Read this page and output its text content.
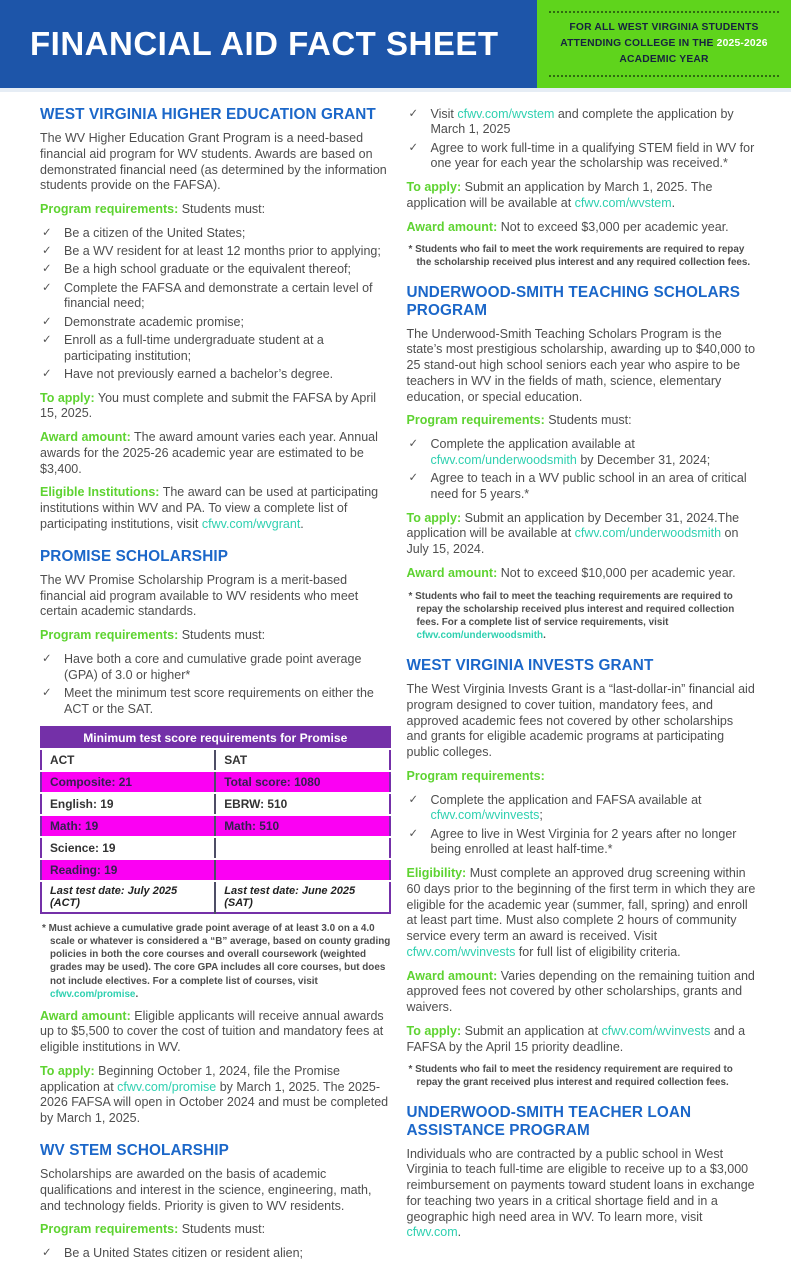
FINANCIAL AID FACT SHEET	FOR ALL WEST VIRGINIA STUDENTS ATTENDING COLLEGE IN THE 2025-2026 ACADEMIC YEAR
WEST VIRGINIA HIGHER EDUCATION GRANT

The WV Higher Education Grant Program is a need-based financial aid program for WV students. Awards are based on demonstrated financial need (as determined by the information students provide on the FAFSA).

Program requirements: Students must:

✓ Be a citizen of the United States;
✓ Be a WV resident for at least 12 months prior to applying;
✓ Be a high school graduate or the equivalent thereof;
✓ Complete the FAFSA and demonstrate a certain level of financial need;
✓ Demonstrate academic promise;
✓ Enroll as a full-time undergraduate student at a participating institution;
✓ Have not previously earned a bachelor’s degree.

To apply: You must complete and submit the FAFSA by April 15, 2025.

Award amount: The award amount varies each year. Annual awards for the 2025-26 academic year are estimated to be $3,400.

Eligible Institutions: The award can be used at participating institutions within WV and PA. To view a complete list of participating institutions, visit cfwv.com/wvgrant.

PROMISE SCHOLARSHIP

The WV Promise Scholarship Program is a merit-based financial aid program available to WV residents who meet certain academic standards.

Program requirements: Students must:

✓ Have both a core and cumulative grade point average (GPA) of 3.0 or higher*
✓ Meet the minimum test score requirements on either the ACT or the SAT.
Minimum test score requirements for Promise	
ACT	SAT
Composite: 21	Total score: 1080
English: 19	EBRW: 510
Math: 19	Math: 510
Science: 19	
Reading: 19	
Last test date: July 2025 (ACT)	Last test date: June 2025 (SAT)

* Must achieve a cumulative grade point average of at least 3.0 on a 4.0 scale or whatever is considered a “B” average, based on county grading policies in both the core courses and overall coursework (weighted grades may be used). The core GPA includes all core courses, but does not include electives. For a complete list of courses, visit cfwv.com/promise.

Award amount: Eligible applicants will receive annual awards up to $5,500 to cover the cost of tuition and mandatory fees at eligible institutions in WV.

To apply: Beginning October 1, 2024, file the Promise application at cfwv.com/promise by March 1, 2025. The 2025-2026 FAFSA will open in October 2024 and must be completed by March 1, 2025.

WV STEM SCHOLARSHIP

Scholarships are awarded on the basis of academic qualifications and interest in the science, engineering, math, and technology fields. Priority is given to WV residents.

Program requirements: Students must:

✓ Be a United States citizen or resident alien;
✓ Visit cfwv.com/wvstem and complete the application by March 1, 2025
✓ Agree to work full-time in a qualifying STEM field in WV for one year for each year the scholarship was received.*

To apply: Submit an application by March 1, 2025. The application will be available at cfwv.com/wvstem.

Award amount: Not to exceed $3,000 per academic year.

* Students who fail to meet the work requirements are required to repay the scholarship received plus interest and any required collection fees.

UNDERWOOD-SMITH TEACHING SCHOLARS PROGRAM

The Underwood-Smith Teaching Scholars Program is the state’s most prestigious scholarship, awarding up to $40,000 to 25 stand-out high school seniors each year who aspire to be teachers in WV in the fields of math, science, elementary education, or special education.

Program requirements: Students must:

✓ Complete the application available at cfwv.com/underwoodsmith by December 31, 2024;
✓ Agree to teach in a WV public school in an area of critical need for 5 years.*

To apply: Submit an application by December 31, 2024.The application will be available at cfwv.com/underwoodsmith on July 15, 2024.

Award amount: Not to exceed $10,000 per academic year.

* Students who fail to meet the teaching requirements are required to repay the scholarship received plus interest and required collection fees. For a complete list of service requirements, visit cfwv.com/underwoodsmith.

WEST VIRGINIA INVESTS GRANT

The West Virginia Invests Grant is a “last-dollar-in” financial aid program designed to cover tuition, mandatory fees, and approved academic fees not covered by other scholarships and grants for eligible academic programs at participating public colleges.

Program requirements:

✓ Complete the application and FAFSA available at cfwv.com/wvinvests;
✓ Agree to live in West Virginia for 2 years after no longer being enrolled at least half-time.*

Eligibility: Must complete an approved drug screening within 60 days prior to the beginning of the first term in which they are eligible for the academic year (summer, fall, spring) and enroll at least part time. Must also complete 2 hours of community service every term an award is received. Visit cfwv.com/wvinvests for full list of eligibility criteria.

Award amount: Varies depending on the remaining tuition and approved fees not covered by other scholarships, grants and waivers.

To apply: Submit an application at cfwv.com/wvinvests and a FAFSA by the April 15 priority deadline.

* Students who fail to meet the residency requirement are required to repay the grant received plus interest and required collection fees.

UNDERWOOD-SMITH TEACHER LOAN ASSISTANCE PROGRAM

Individuals who are contracted by a public school in West Virginia to teach full-time are eligible to receive up to a $3,000 reimbursement on payments toward student loans in exchange for teaching two years in a critical shortage field and in a geographic high need area in WV. To learn more, visit cfwv.com.
